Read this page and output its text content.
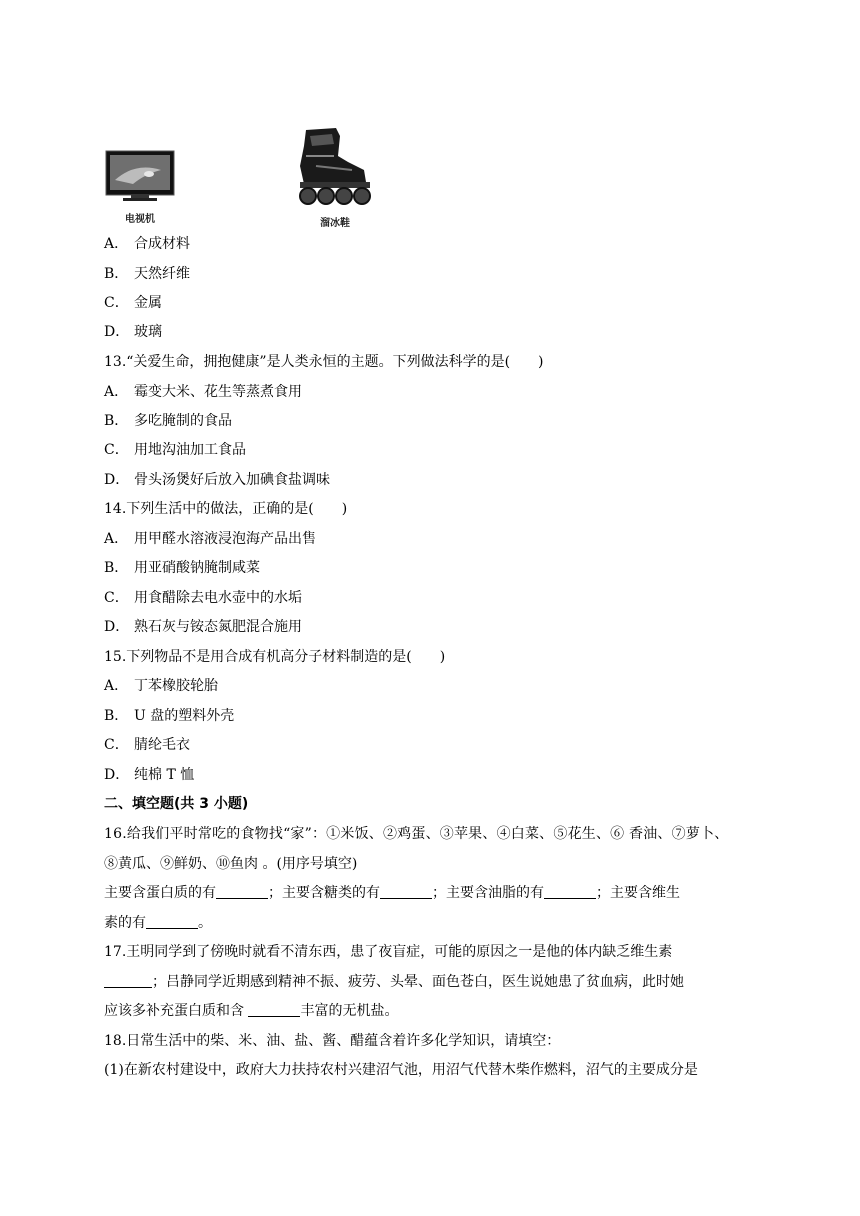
电视机	溜冰鞋
A． 合成材料
B． 天然纤维
C． 金属
D． 玻璃
13.“关爱生命，拥抱健康”是人类永恒的主题。下列做法科学的是(　　)
A． 霉变大米、花生等蒸煮食用
B． 多吃腌制的食品
C． 用地沟油加工食品
D． 骨头汤煲好后放入加碘食盐调味
14.下列生活中的做法，正确的是(　　)
A． 用甲醛水溶液浸泡海产品出售
B． 用亚硝酸钠腌制咸菜
C． 用食醋除去电水壶中的水垢
D． 熟石灰与铵态氮肥混合施用
15.下列物品不是用合成有机高分子材料制造的是(　　)
A． 丁苯橡胶轮胎
B． U 盘的塑料外壳
C． 腈纶毛衣
D． 纯棉 T 恤
二、填空题(共 3 小题)
16.给我们平时常吃的食物找“家”：①米饭、②鸡蛋、③苹果、④白菜、⑤花生、⑥ 香油、⑦萝卜、
⑧黄瓜、⑨鲜奶、⑩鱼肉 。(用序号填空)
主要含蛋白质的有	；主要含糖类的有	；主要含油脂的有	；主要含维生
素的有	。
17.王明同学到了傍晚时就看不清东西，患了夜盲症，可能的原因之一是他的体内缺乏维生素
；吕静同学近期感到精神不振、疲劳、头晕、面色苍白，医生说她患了贫血病，此时她
应该多补充蛋白质和含	丰富的无机盐。
18.日常生活中的柴、米、油、盐、酱、醋蕴含着许多化学知识，请填空：
(1)在新农村建设中，政府大力扶持农村兴建沼气池，用沼气代替木柴作燃料，沼气的主要成分是
